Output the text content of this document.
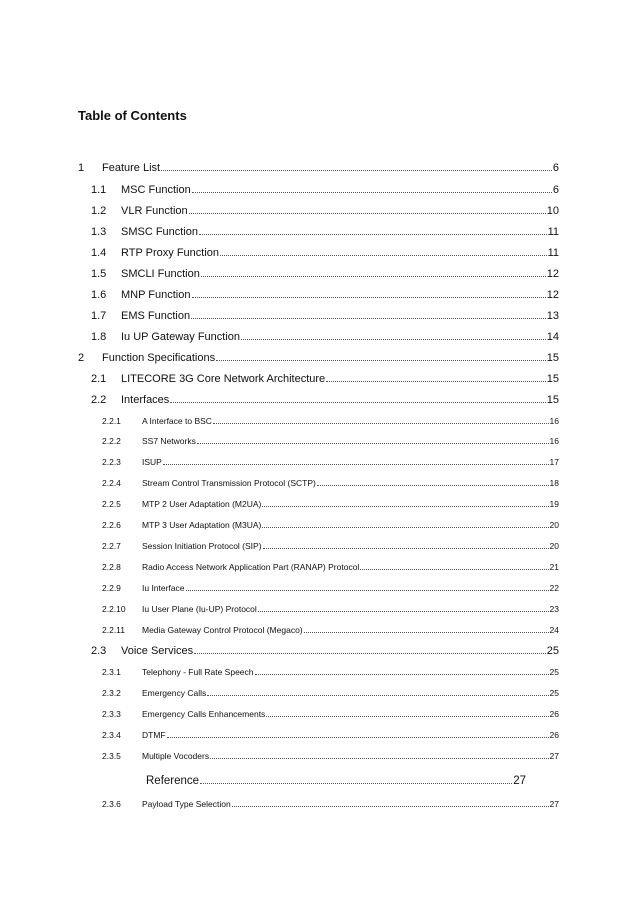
Table of Contents
1	Feature List	6
1.1	MSC Function	6
1.2	VLR Function	10
1.3	SMSC Function	11
1.4	RTP Proxy Function	11
1.5	SMCLI Function	12
1.6	MNP Function	12
1.7	EMS Function	13
1.8	Iu UP Gateway Function	14
2	Function Specifications	15
2.1	LITECORE 3G Core Network Architecture	15
2.2	Interfaces	15
2.2.1	A Interface to BSC	16
2.2.2	SS7 Networks	16
2.2.3	ISUP	17
2.2.4	Stream Control Transmission Protocol (SCTP)	18
2.2.5	MTP 2 User Adaptation (M2UA)	19
2.2.6	MTP 3 User Adaptation (M3UA)	20
2.2.7	Session Initiation Protocol (SIP)	20
2.2.8	Radio Access Network Application Part (RANAP) Protocol	21
2.2.9	Iu Interface	22
2.2.10	Iu User Plane (Iu-UP) Protocol	23
2.2.11	Media Gateway Control Protocol (Megaco)	24
2.3	Voice Services	25
2.3.1	Telephony - Full Rate Speech	25
2.3.2	Emergency Calls	25
2.3.3	Emergency Calls Enhancements	26
2.3.4	DTMF	26
2.3.5	Multiple Vocoders	27
Reference	27
2.3.6	Payload Type Selection	27
